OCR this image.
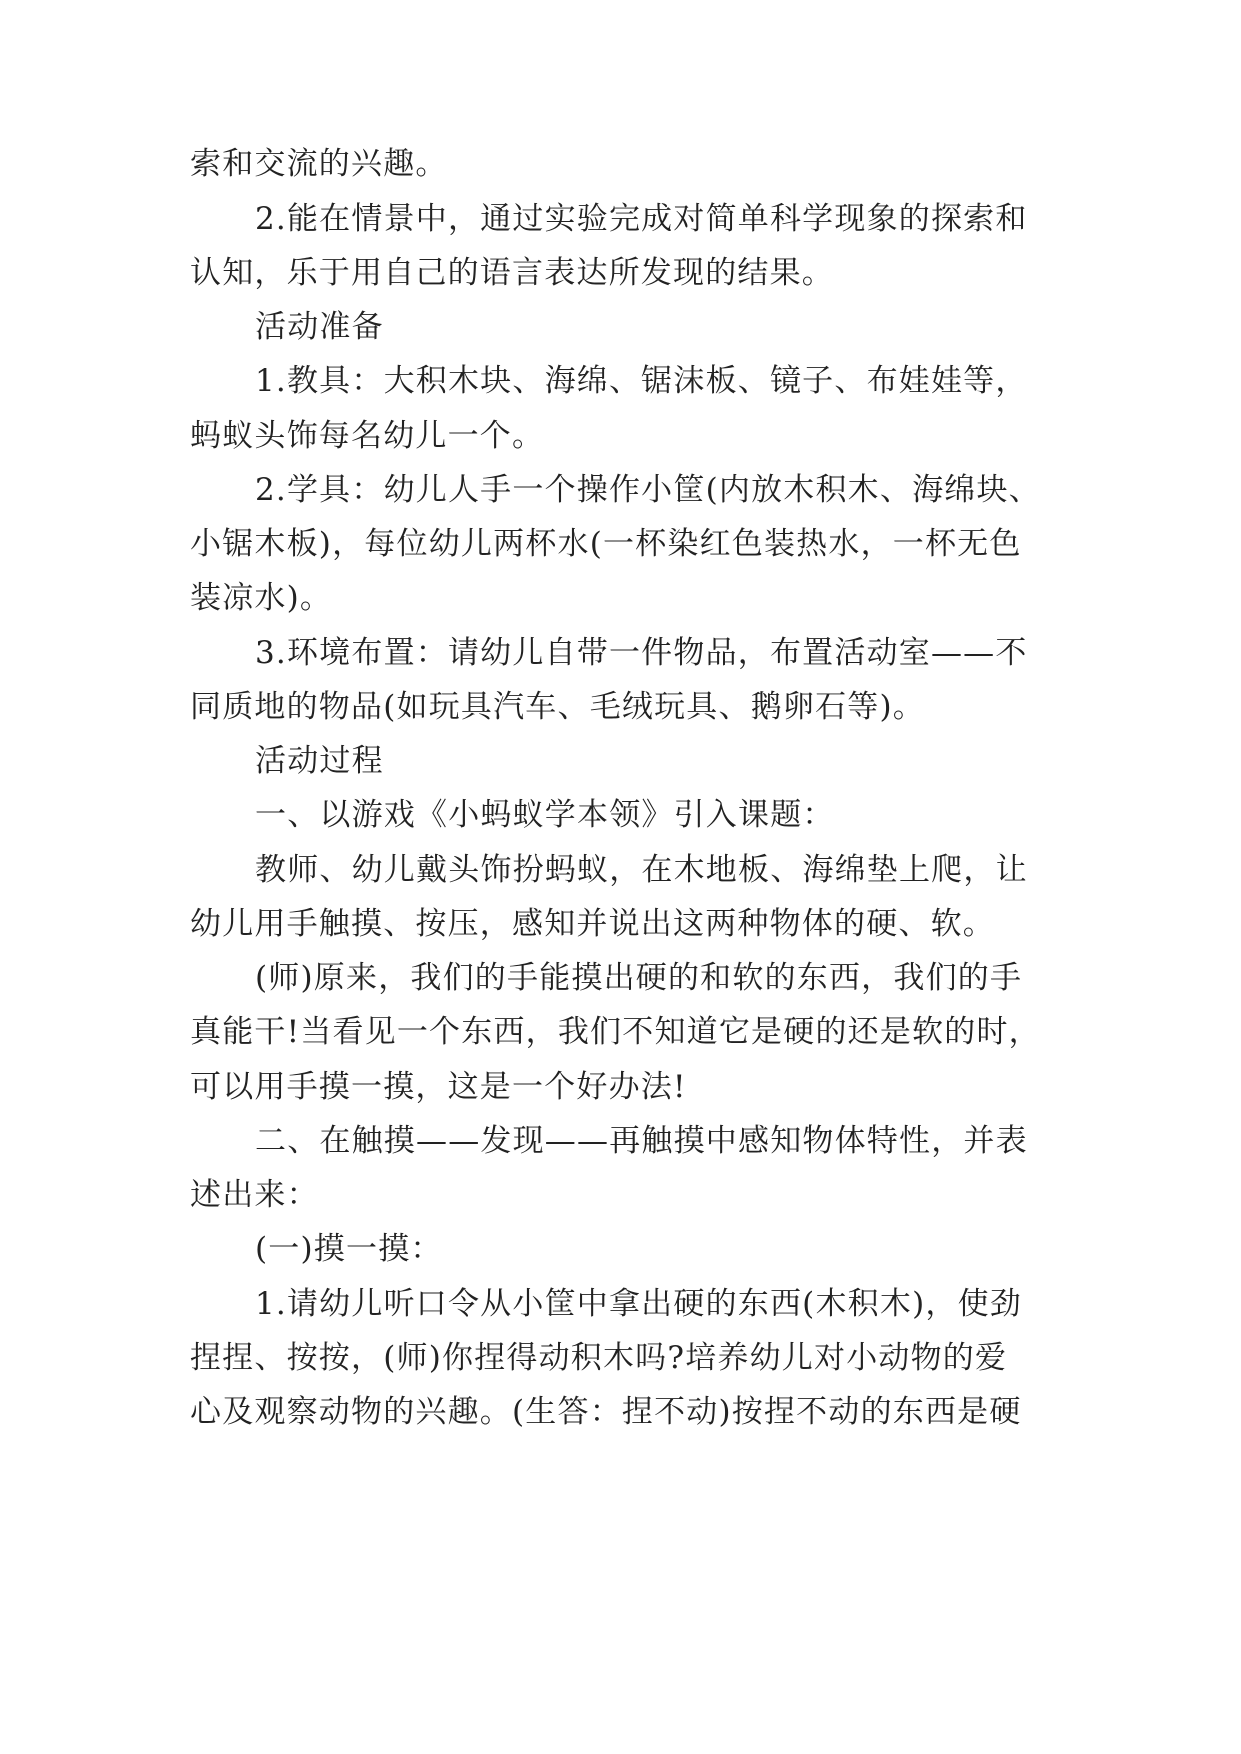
索和交流的兴趣。
2.能在情景中，通过实验完成对简单科学现象的探索和
认知，乐于用自己的语言表达所发现的结果。
活动准备
1.教具：大积木块、海绵、锯沫板、镜子、布娃娃等，
蚂蚁头饰每名幼儿一个。
2.学具：幼儿人手一个操作小筐(内放木积木、海绵块、
小锯木板)，每位幼儿两杯水(一杯染红色装热水，一杯无色
装凉水)。
3.环境布置：请幼儿自带一件物品，布置活动室——不
同质地的物品(如玩具汽车、毛绒玩具、鹅卵石等)。
活动过程
一、以游戏《小蚂蚁学本领》引入课题：
教师、幼儿戴头饰扮蚂蚁，在木地板、海绵垫上爬，让
幼儿用手触摸、按压，感知并说出这两种物体的硬、软。
(师)原来，我们的手能摸出硬的和软的东西，我们的手
真能干!当看见一个东西，我们不知道它是硬的还是软的时，
可以用手摸一摸，这是一个好办法!
二、在触摸——发现——再触摸中感知物体特性，并表
述出来：
(一)摸一摸：
1.请幼儿听口令从小筐中拿出硬的东西(木积木)，使劲
捏捏、按按，(师)你捏得动积木吗?培养幼儿对小动物的爱
心及观察动物的兴趣。(生答：捏不动)按捏不动的东西是硬
